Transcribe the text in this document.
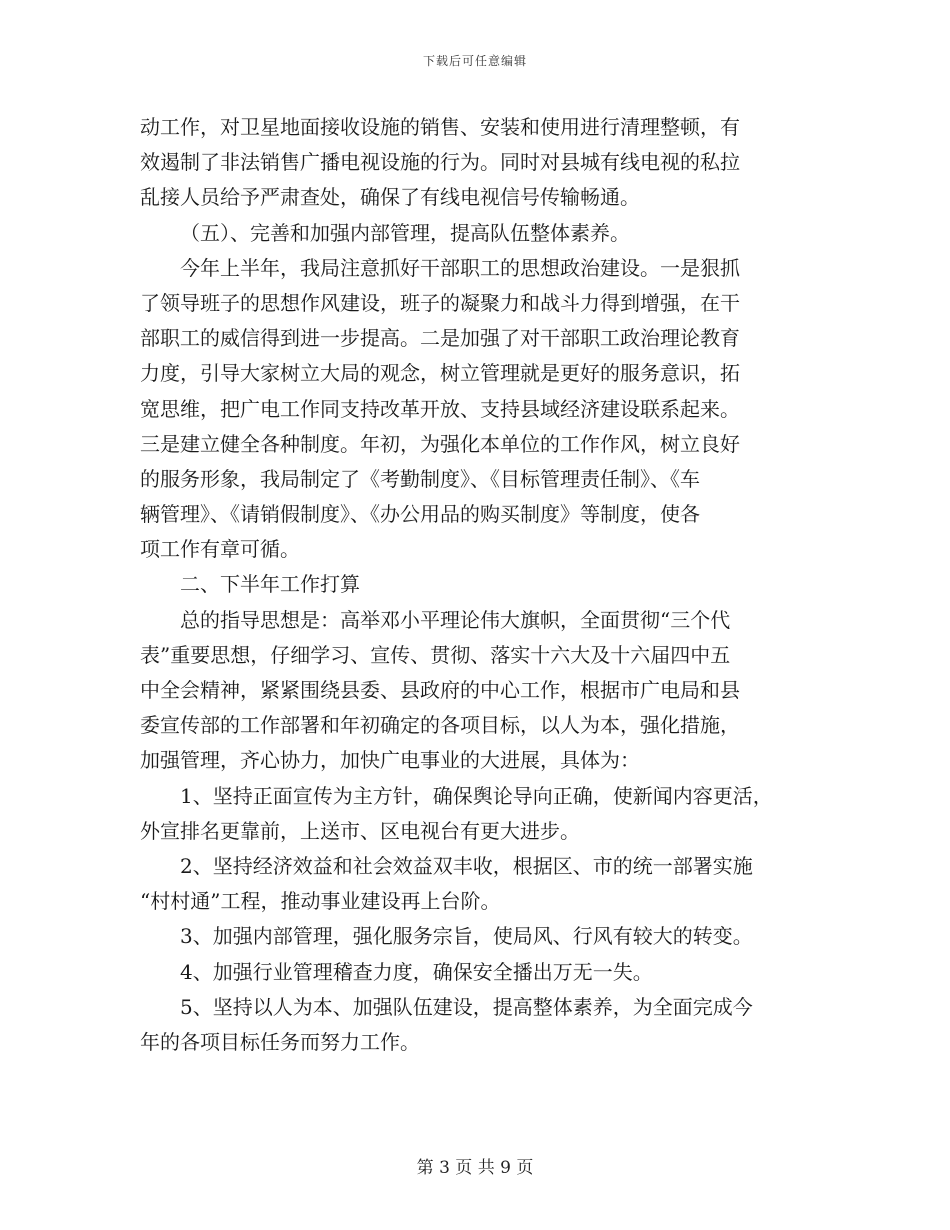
下载后可任意编辑
动工作，对卫星地面接收设施的销售、安装和使用进行清理整顿，有
效遏制了非法销售广播电视设施的行为。同时对县城有线电视的私拉
乱接人员给予严肃查处，确保了有线电视信号传输畅通。
（五）、完善和加强内部管理，提高队伍整体素养。
今年上半年，我局注意抓好干部职工的思想政治建设。一是狠抓
了领导班子的思想作风建设，班子的凝聚力和战斗力得到增强，在干
部职工的威信得到进一步提高。二是加强了对干部职工政治理论教育
力度，引导大家树立大局的观念，树立管理就是更好的服务意识，拓
宽思维，把广电工作同支持改革开放、支持县域经济建设联系起来。
三是建立健全各种制度。年初，为强化本单位的工作作风，树立良好
的服务形象，我局制定了《考勤制度》、《目标管理责任制》、《车
辆管理》、《请销假制度》、《办公用品的购买制度》等制度，使各
项工作有章可循。
二、下半年工作打算
总的指导思想是：高举邓小平理论伟大旗帜，全面贯彻“三个代
表”重要思想，仔细学习、宣传、贯彻、落实十六大及十六届四中五
中全会精神，紧紧围绕县委、县政府的中心工作，根据市广电局和县
委宣传部的工作部署和年初确定的各项目标，以人为本，强化措施，
加强管理，齐心协力，加快广电事业的大进展，具体为：
1、坚持正面宣传为主方针，确保舆论导向正确，使新闻内容更活，
外宣排名更靠前，上送市、区电视台有更大进步。
2、坚持经济效益和社会效益双丰收，根据区、市的统一部署实施
“村村通”工程，推动事业建设再上台阶。
3、加强内部管理，强化服务宗旨，使局风、行风有较大的转变。
4、加强行业管理稽查力度，确保安全播出万无一失。
5、坚持以人为本、加强队伍建设，提高整体素养，为全面完成今
年的各项目标任务而努力工作。
第 3 页 共 9 页
